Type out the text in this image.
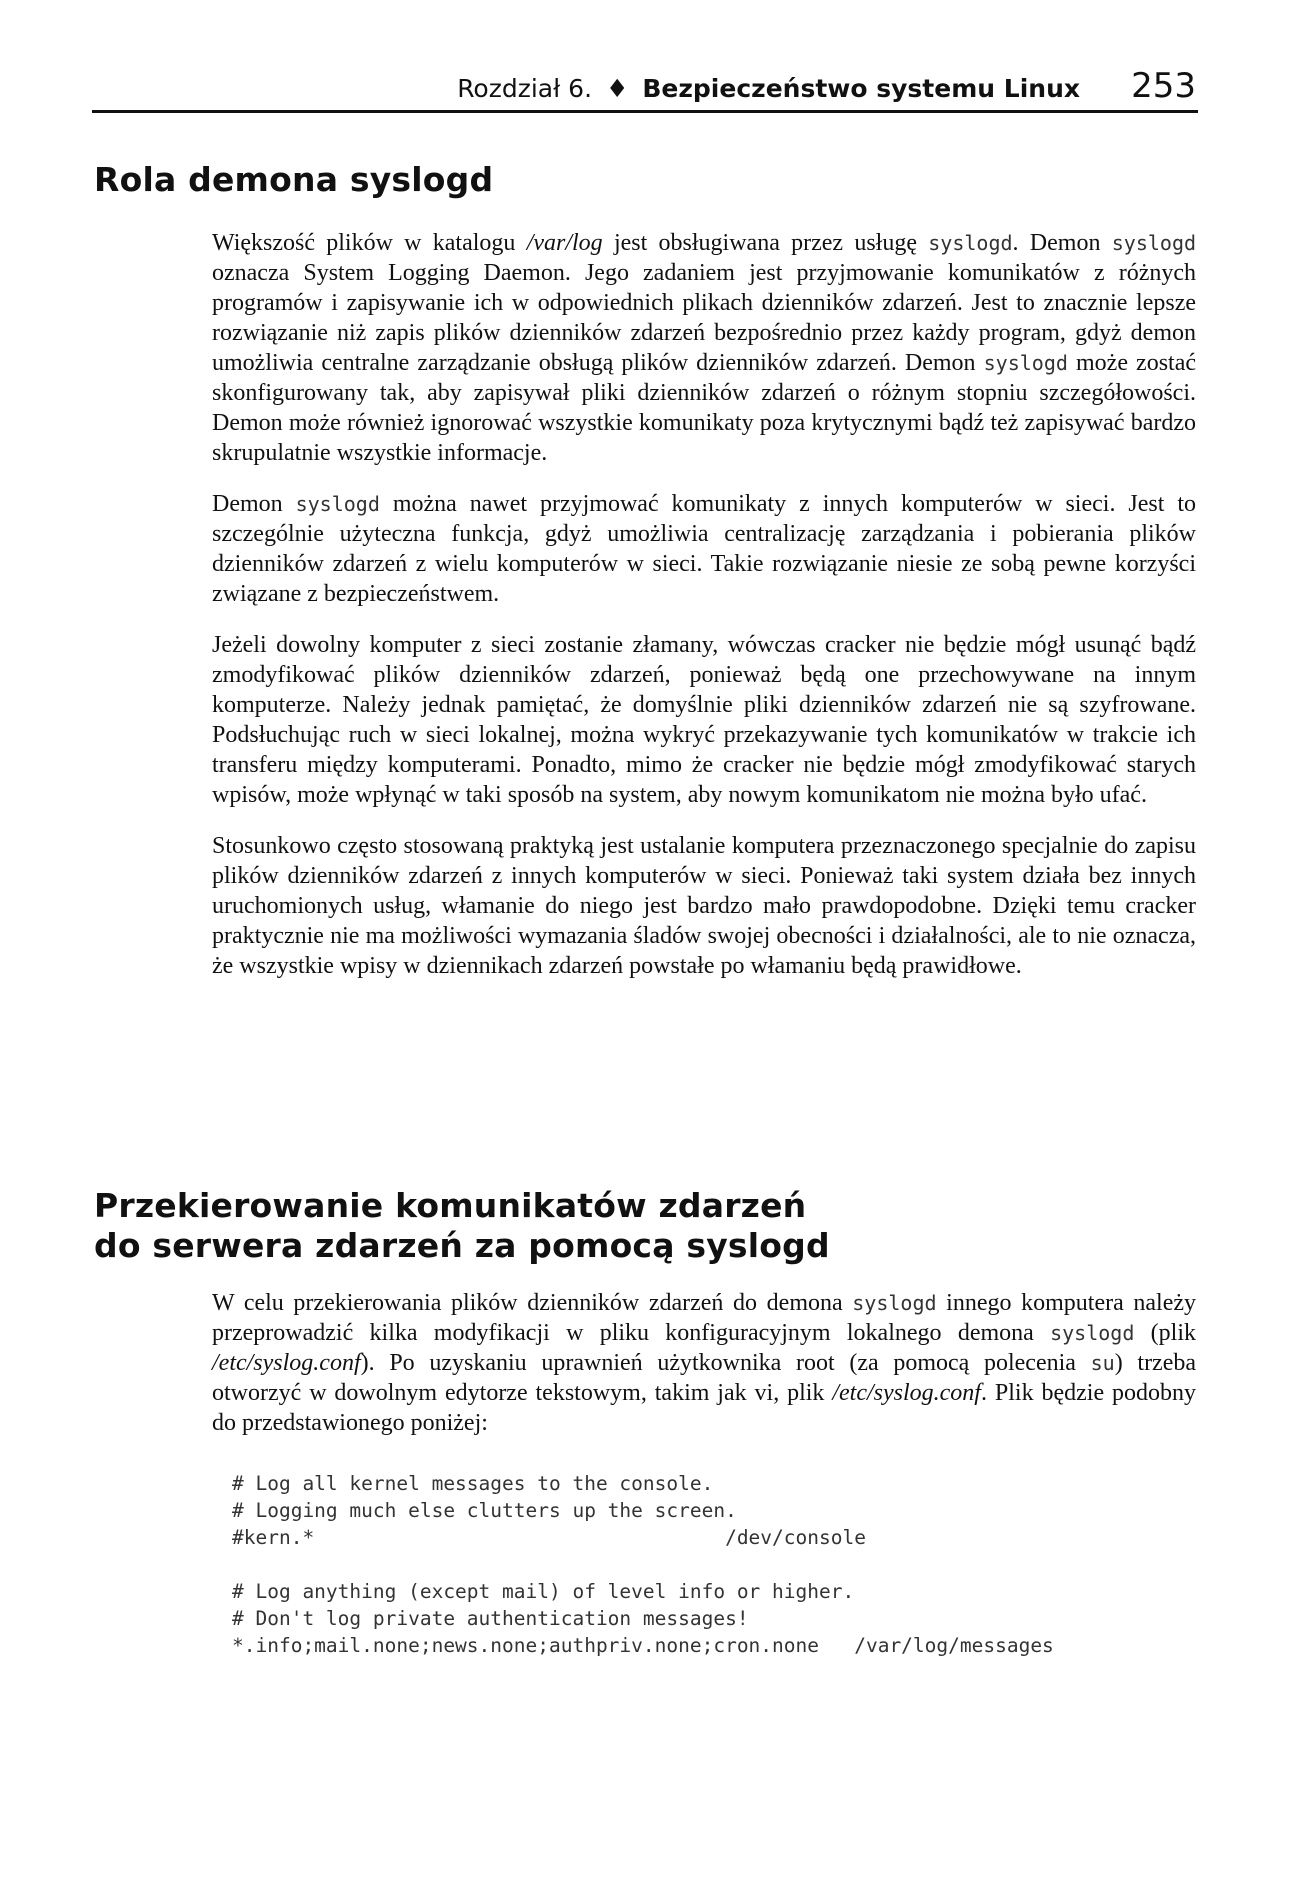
Rozdział 6. ♦ Bezpieczeństwo systemu Linux 253
Rola demona syslogd

Większość plików w katalogu /var/log jest obsługiwana przez usługę syslogd. Demon syslogd oznacza System Logging Daemon. Jego zadaniem jest przyjmowanie komunikatów z różnych programów i zapisywanie ich w odpowiednich plikach dzienników zdarzeń. Jest to znacznie lepsze rozwiązanie niż zapis plików dzienników zdarzeń bezpośrednio przez każdy program, gdyż demon umożliwia centralne zarządzanie obsługą plików dzienników zdarzeń. Demon syslogd może zostać skonfigurowany tak, aby zapisywał pliki dzienników zdarzeń o różnym stopniu szczegółowości. Demon może również ignorować wszystkie komunikaty poza krytycznymi bądź też zapisywać bardzo skrupulatnie wszystkie informacje.

Demon syslogd można nawet przyjmować komunikaty z innych komputerów w sieci. Jest to szczególnie użyteczna funkcja, gdyż umożliwia centralizację zarządzania i pobierania plików dzienników zdarzeń z wielu komputerów w sieci. Takie rozwiązanie niesie ze sobą pewne korzyści związane z bezpieczeństwem.

Jeżeli dowolny komputer z sieci zostanie złamany, wówczas cracker nie będzie mógł usunąć bądź zmodyfikować plików dzienników zdarzeń, ponieważ będą one przechowywane na innym komputerze. Należy jednak pamiętać, że domyślnie pliki dzienników zdarzeń nie są szyfrowane. Podsłuchując ruch w sieci lokalnej, można wykryć przekazywanie tych komunikatów w trakcie ich transferu między komputerami. Ponadto, mimo że cracker nie będzie mógł zmodyfikować starych wpisów, może wpłynąć w taki sposób na system, aby nowym komunikatom nie można było ufać.

Stosunkowo często stosowaną praktyką jest ustalanie komputera przeznaczonego specjalnie do zapisu plików dzienników zdarzeń z innych komputerów w sieci. Ponieważ taki system działa bez innych uruchomionych usług, włamanie do niego jest bardzo mało prawdopodobne. Dzięki temu cracker praktycznie nie ma możliwości wymazania śladów swojej obecności i działalności, ale to nie oznacza, że wszystkie wpisy w dziennikach zdarzeń powstałe po włamaniu będą prawidłowe.

Przekierowanie komunikatów zdarzeń
do serwera zdarzeń za pomocą syslogd

W celu przekierowania plików dzienników zdarzeń do demona syslogd innego komputera należy przeprowadzić kilka modyfikacji w pliku konfiguracyjnym lokalnego demona syslogd (plik /etc/syslog.conf). Po uzyskaniu uprawnień użytkownika root (za pomocą polecenia su) trzeba otworzyć w dowolnym edytorze tekstowym, takim jak vi, plik /etc/syslog.conf. Plik będzie podobny do przedstawionego poniżej:

# Log all kernel messages to the console.
# Logging much else clutters up the screen.
#kern.*                                   /dev/console

# Log anything (except mail) of level info or higher.
# Don't log private authentication messages!
*.info;mail.none;news.none;authpriv.none;cron.none   /var/log/messages
